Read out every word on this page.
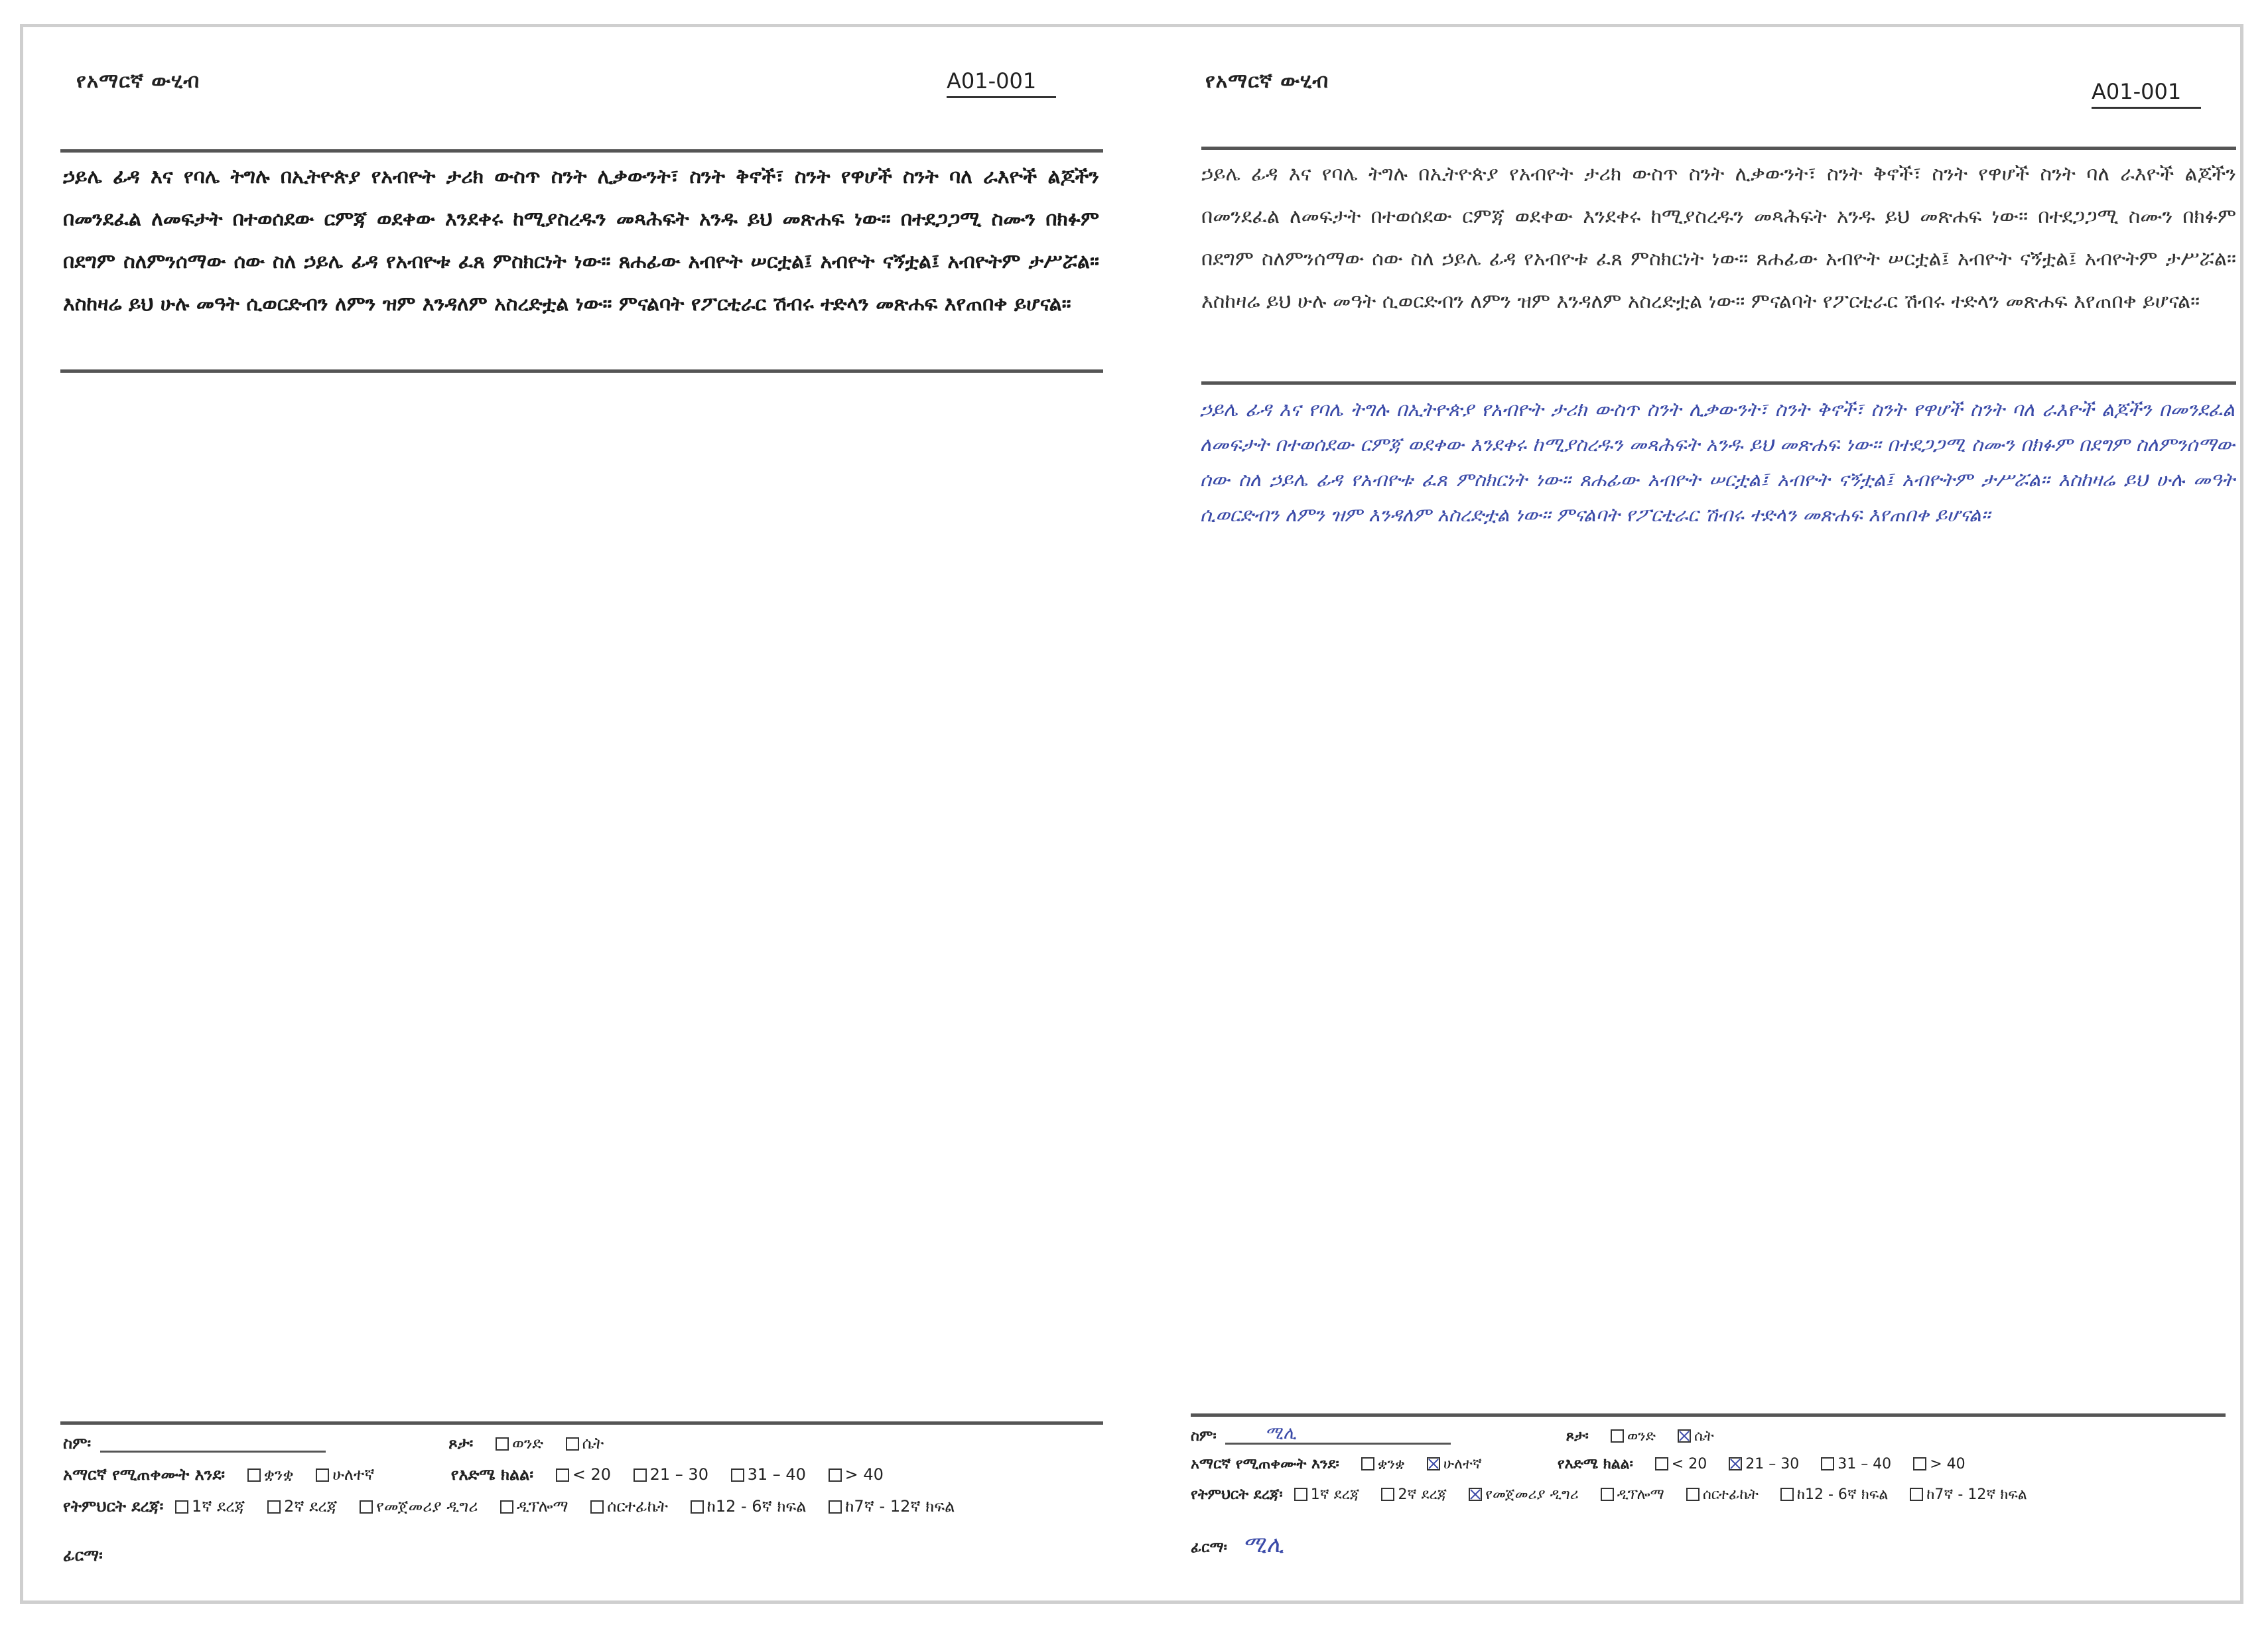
የአማርኛ ውሂብ	A01-001

ኃይሌ ፊዳ እና የባሌ ትግሉ በኢትዮጵያ የአብዮት ታሪክ ውስጥ ስንት ሊቃውንት፣ ስንት ቅኖች፣ ስንት የዋሆች ስንት ባለ ራእዮች ልጆችን በመንደፈል ለመፍታት በተወሰደው ርምጃ ወደቀው እንደቀሩ ከሚያስረዱን መጻሕፍት አንዱ ይህ መጽሐፍ ነው። በተደጋጋሚ ስሙን በክፉም በደግም ስለምንሰማው ሰው ስለ ኃይሌ ፊዳ የአብዮቱ ፈጸ ምስክርነት ነው። ጸሐፊው አብዮት ሠርቷል፤ አብዮት ናኝቷል፤ አብዮትም ታሥሯል። እስከዛሬ ይህ ሁሉ መዓት ሲወርድብን ለምን ዝም እንዳለም አስረድቷል ነው። ምናልባት የፖርቲራር ሽብሩ ተድላን መጽሐፍ እየጠበቀ ይሆናል።

ስም፡	ጾታ፡ ወንድ ሴት
አማርኛ የሚጠቀሙት እንደ፡ ቋንቋ ሁለተኛ	የእድሜ ክልል፡ < 20 21 – 30 31 – 40 > 40
የትምህርት ደረጃ፡ 1ኛ ደረጃ 2ኛ ደረጃ የመጀመሪያ ዲግሪ ዲፕሎማ ሰርተፊኬት ከ12 - 6ኛ ክፍል ከ7ኛ - 12ኛ ክፍል
ፊርማ፡
የአማርኛ ውሂብ	A01-001

ኃይሌ ፊዳ እና የባሌ ትግሉ በኢትዮጵያ የአብዮት ታሪክ ውስጥ ስንት ሊቃውንት፣ ስንት ቅኖች፣ ስንት የዋሆች ስንት ባለ ራእዮች ልጆችን በመንደፈል ለመፍታት በተወሰደው ርምጃ ወደቀው እንደቀሩ ከሚያስረዱን መጻሕፍት አንዱ ይህ መጽሐፍ ነው። በተደጋጋሚ ስሙን በክፉም በደግም ስለምንሰማው ሰው ስለ ኃይሌ ፊዳ የአብዮቱ ፈጸ ምስክርነት ነው። ጸሐፊው አብዮት ሠርቷል፤ አብዮት ናኝቷል፤ አብዮትም ታሥሯል። እስከዛሬ ይህ ሁሉ መዓት ሲወርድብን ለምን ዝም እንዳለም አስረድቷል ነው። ምናልባት የፖርቲራር ሽብሩ ተድላን መጽሐፍ እየጠበቀ ይሆናል።

ኃይሌ ፊዳ እና የባሌ ትግሉ በኢትዮጵያ የአብዮት ታሪክ ውስጥ ስንት ሊቃውንት፣ ስንት ቅኖች፣ ስንት የዋሆች ስንት ባለ ራእዮች ልጆችን በመንደፈል ለመፍታት በተወሰደው ርምጃ ወደቀው እንደቀሩ ከሚያስረዱን መጻሕፍት አንዱ ይህ መጽሐፍ ነው። በተደጋጋሚ ስሙን በክፉም በደግም ስለምንሰማው ሰው ስለ ኃይሌ ፊዳ የአብዮቱ ፈጸ ምስክርነት ነው። ጸሐፊው አብዮት ሠርቷል፤ አብዮት ናኝቷል፤ አብዮትም ታሥሯል። እስከዛሬ ይህ ሁሉ መዓት ሲወርድብን ለምን ዝም እንዳለም አስረድቷል ነው። ምናልባት የፖርቲራር ሽብሩ ተድላን መጽሐፍ እየጠበቀ ይሆናል።

ስም፡	ሚሊ	ጾታ፡	ወንድ	ሴት
አማርኛ የሚጠቀሙት እንደ፡	ቋንቋ	ሁለተኛ	የእድሜ ክልል፡	< 20	21 – 30	31 – 40	> 40
የትምህርት ደረጃ፡ 1ኛ ደረጃ	2ኛ ደረጃ	የመጀመሪያ ዲግሪ	ዲፕሎማ	ሰርተፊኬት	ከ12 - 6ኛ ክፍል	ከ7ኛ - 12ኛ ክፍል
ፊርማ፡ ሚሊ
